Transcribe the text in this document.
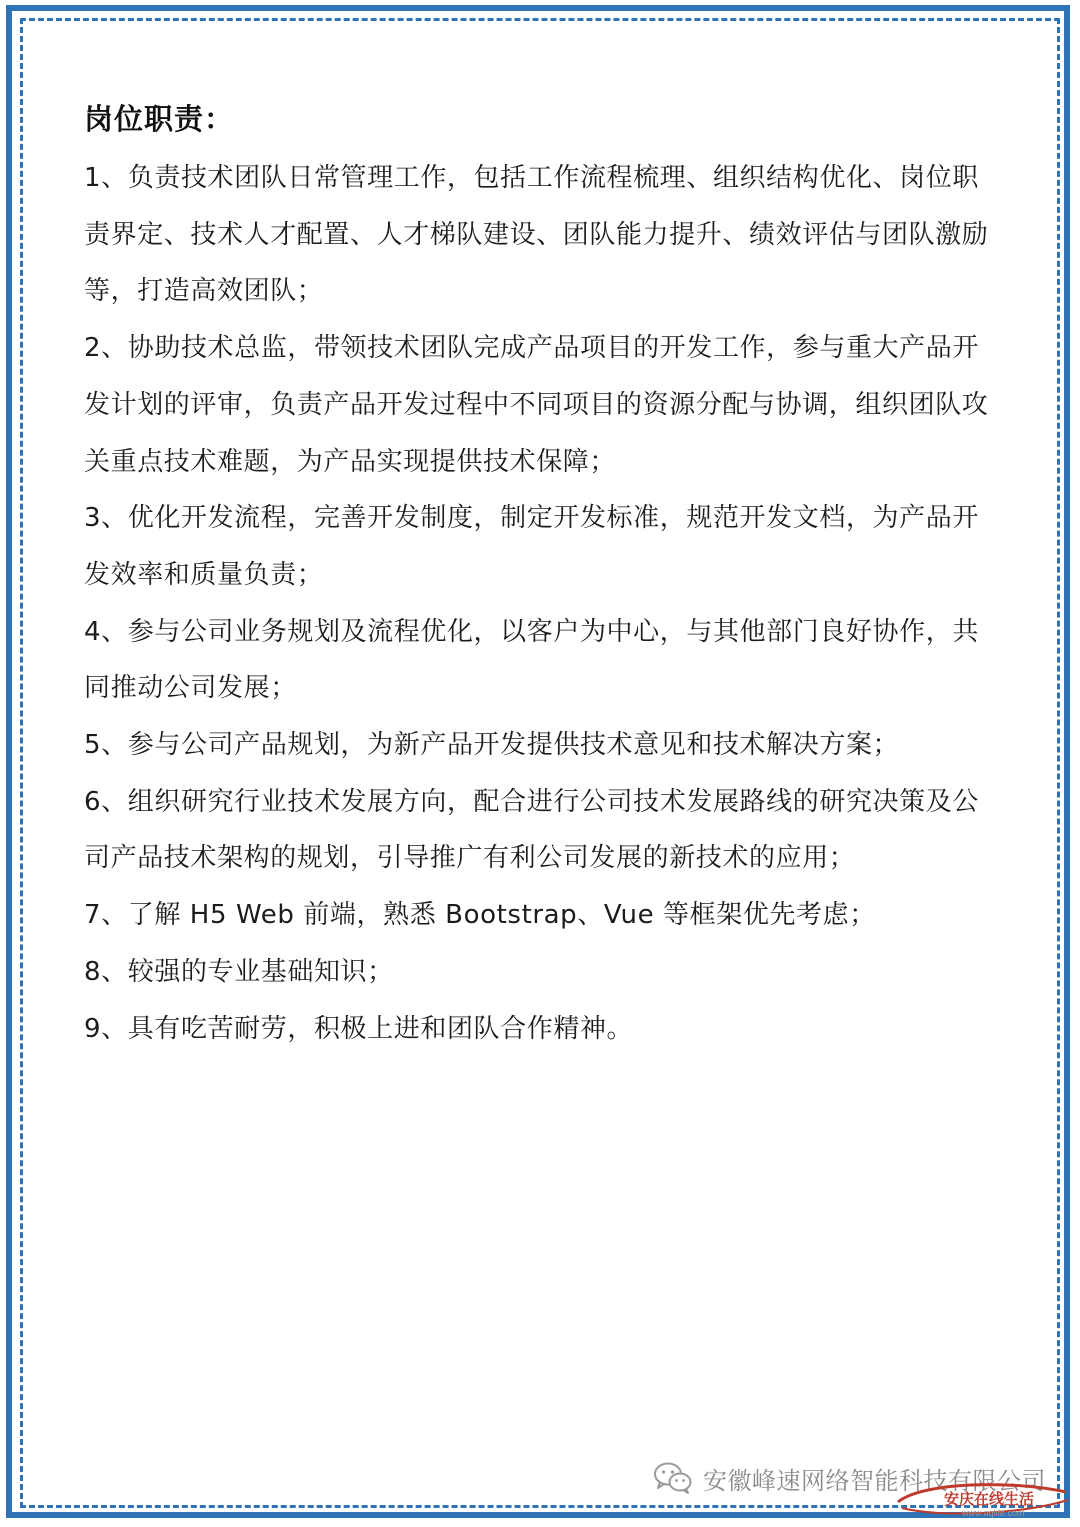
岗位职责：

1、负责技术团队日常管理工作，包括工作流程梳理、组织结构优化、岗位职责界定、技术人才配置、人才梯队建设、团队能力提升、绩效评估与团队激励等，打造高效团队；

2、协助技术总监，带领技术团队完成产品项目的开发工作，参与重大产品开发计划的评审，负责产品开发过程中不同项目的资源分配与协调，组织团队攻关重点技术难题，为产品实现提供技术保障；

3、优化开发流程，完善开发制度，制定开发标准，规范开发文档，为产品开发效率和质量负责；

4、参与公司业务规划及流程优化，以客户为中心，与其他部门良好协作，共同推动公司发展；

5、参与公司产品规划，为新产品开发提供技术意见和技术解决方案；

6、组织研究行业技术发展方向，配合进行公司技术发展路线的研究决策及公司产品技术架构的规划，引导推广有利公司发展的新技术的应用；

7、了解 H5 Web 前端，熟悉 Bootstrap、Vue 等框架优先考虑；

8、较强的专业基础知识；

9、具有吃苦耐劳，积极上进和团队合作精神。

安徽峰速网络智能科技有限公司
安庆在线生活
www.aqlife.com
